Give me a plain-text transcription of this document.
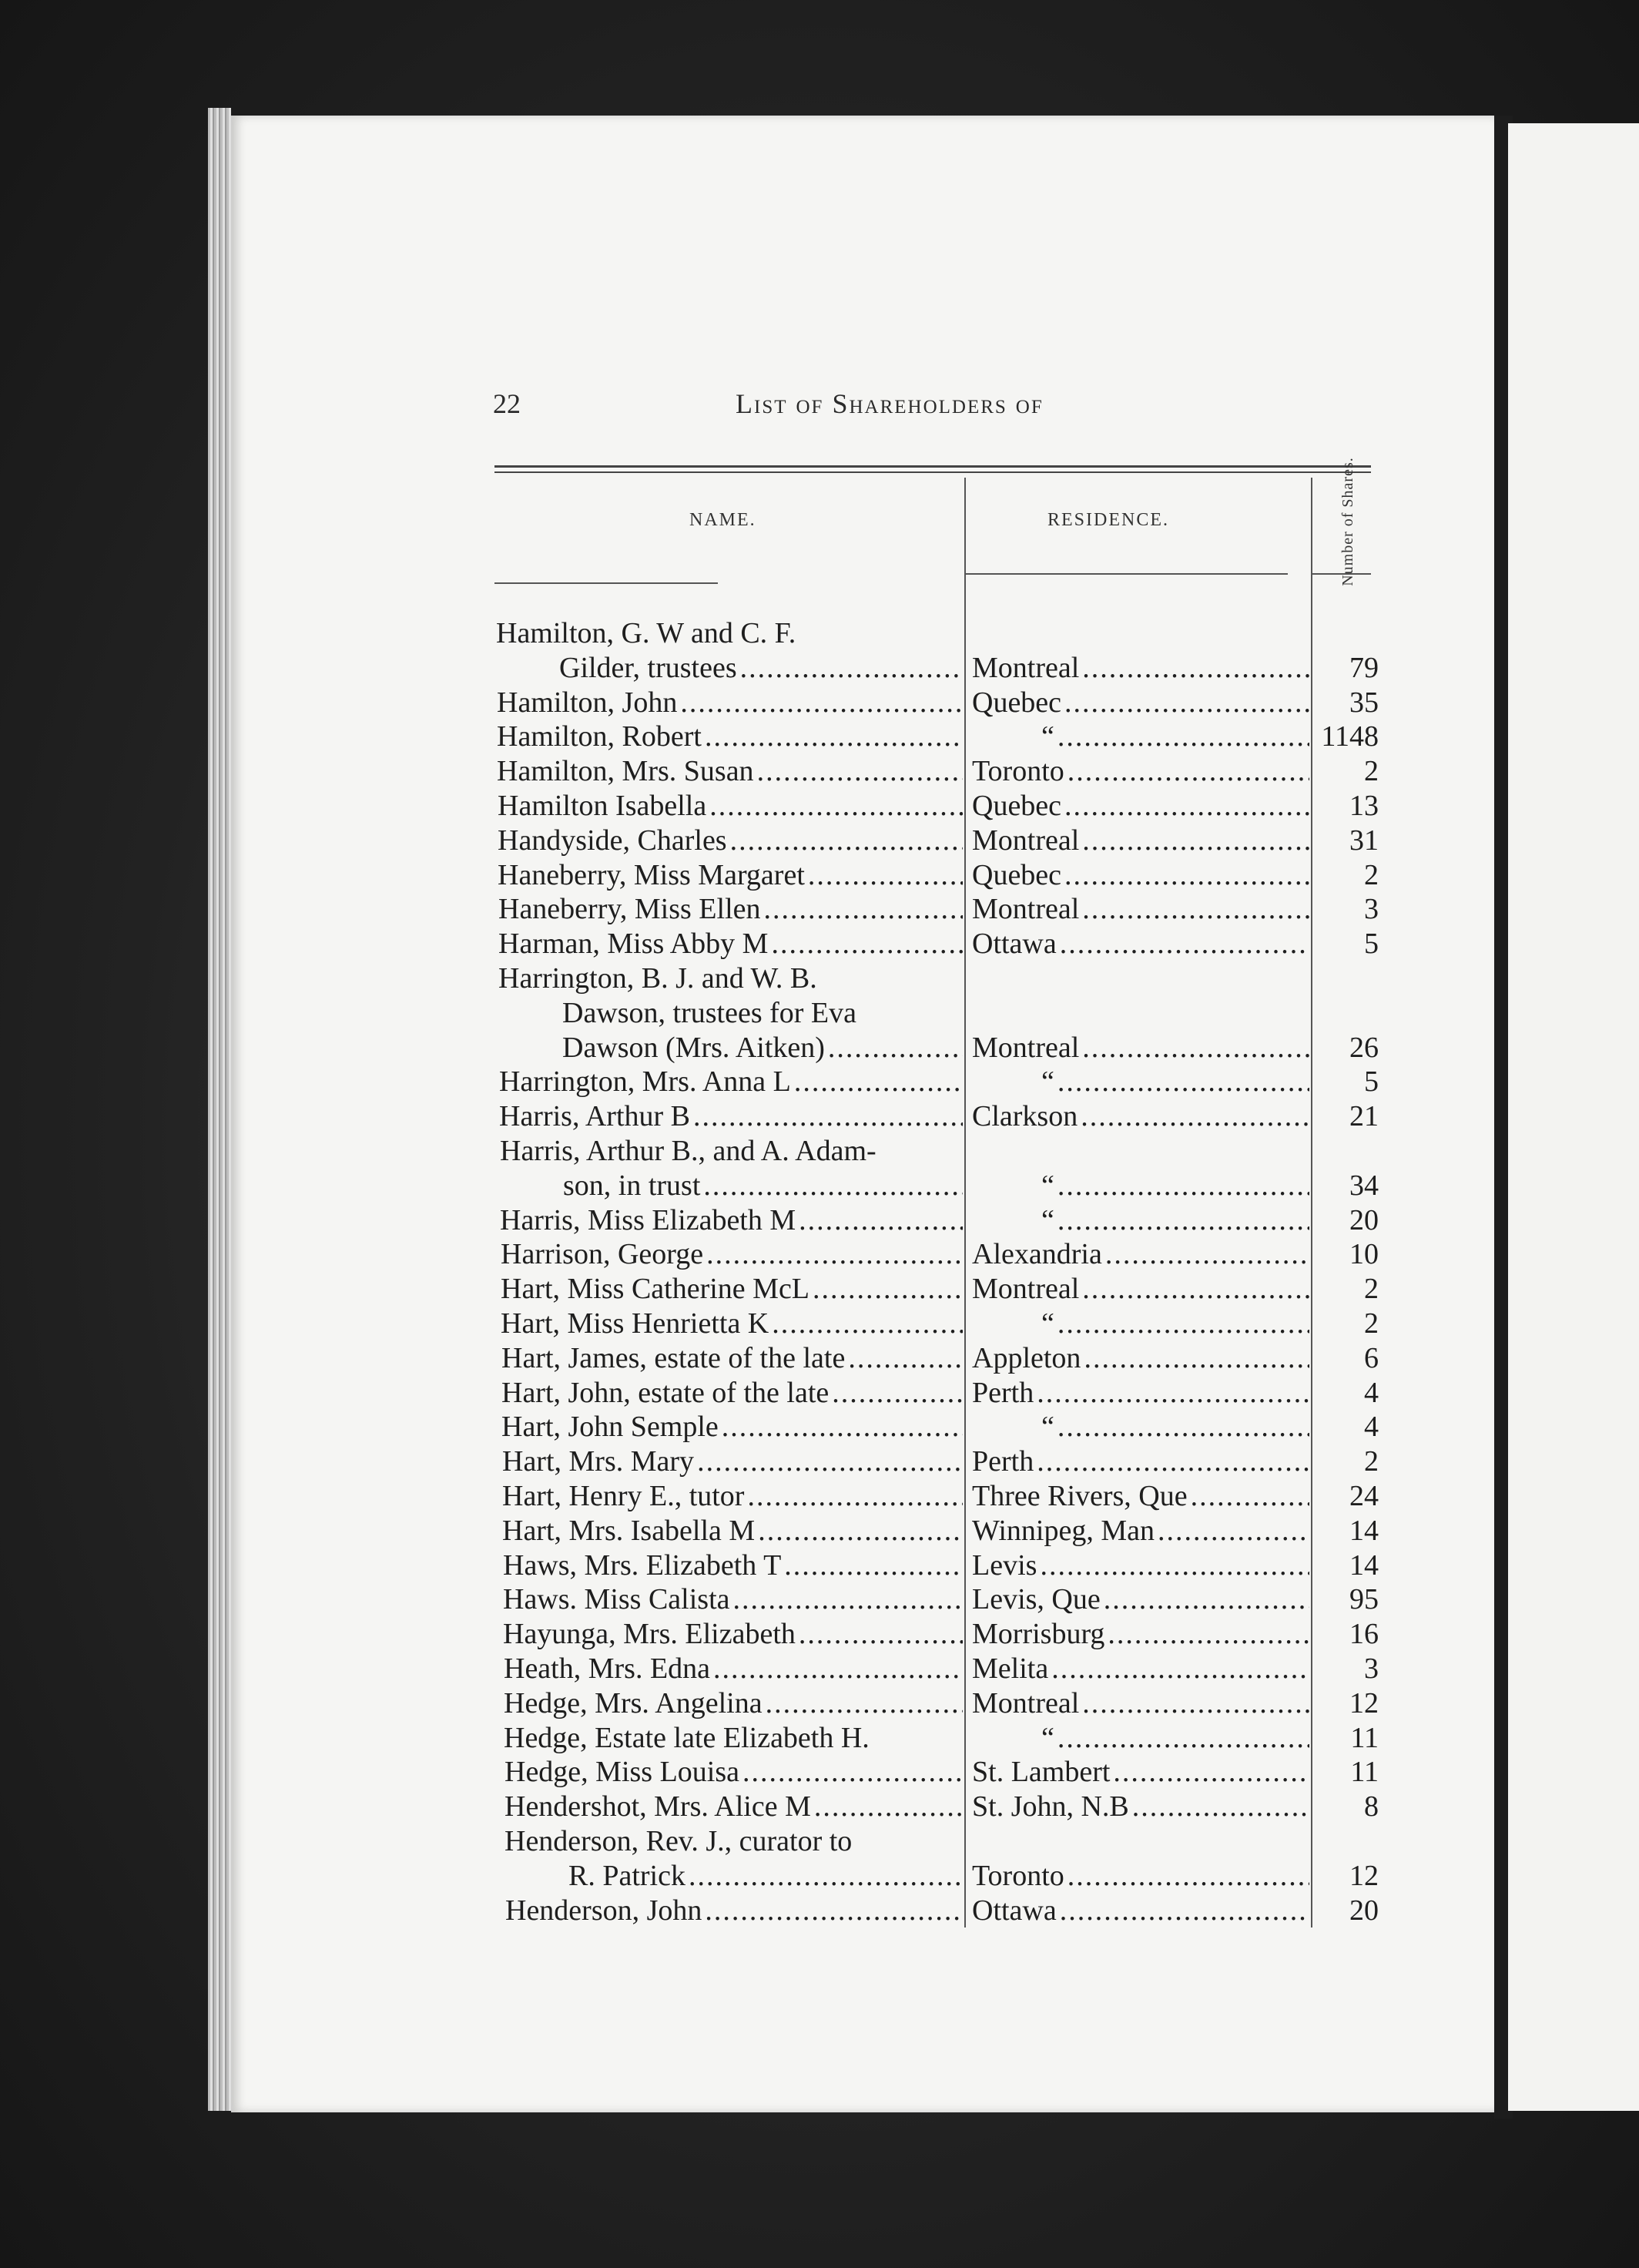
22	List of Shareholders of
NAME.	RESIDENCE.	Number of Shares.
Hamilton, G. W and C. F.
Gilder, trustees .....	Montreal .....	79
Hamilton, John .....	Quebec .....	35
Hamilton, Robert .....	“ .....	1148
Hamilton, Mrs. Susan .....	Toronto .....	2
Hamilton Isabella .....	Quebec .....	13
Handyside, Charles .....	Montreal .....	31
Haneberry, Miss Margaret .....	Quebec .....	2
Haneberry, Miss Ellen .....	Montreal .....	3
Harman, Miss Abby M .....	Ottawa .....	5
Harrington, B. J. and W. B.
Dawson, trustees for Eva
Dawson (Mrs. Aitken) .....	Montreal .....	26
Harrington, Mrs. Anna L .....	“ .....	5
Harris, Arthur B .....	Clarkson .....	21
Harris, Arthur B., and A. Adam-
son, in trust .....	“ .....	34
Harris, Miss Elizabeth M .....	“ .....	20
Harrison, George .....	Alexandria .....	10
Hart, Miss Catherine McL .....	Montreal .....	2
Hart, Miss Henrietta K .....	“ .....	2
Hart, James, estate of the late .....	Appleton .....	6
Hart, John, estate of the late .....	Perth .....	4
Hart, John Semple .....	“ .....	4
Hart, Mrs. Mary .....	Perth .....	2
Hart, Henry E., tutor .....	Three Rivers, Que .....	24
Hart, Mrs. Isabella M .....	Winnipeg, Man .....	14
Haws, Mrs. Elizabeth T .....	Levis .....	14
Haws. Miss Calista .....	Levis, Que .....	95
Hayunga, Mrs. Elizabeth .....	Morrisburg .....	16
Heath, Mrs. Edna .....	Melita .....	3
Hedge, Mrs. Angelina .....	Montreal .....	12
Hedge, Estate late Elizabeth H.	“ .....	11
Hedge, Miss Louisa .....	St. Lambert .....	11
Hendershot, Mrs. Alice M .....	St. John, N.B .....	8
Henderson, Rev. J., curator to
R. Patrick .....	Toronto .....	12
Henderson, John .....	Ottawa .....	20
